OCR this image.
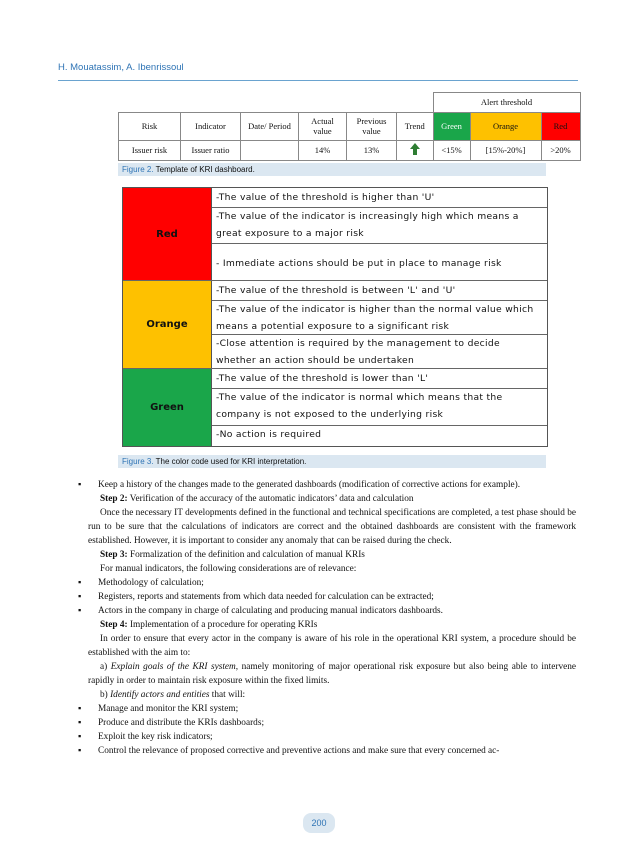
H. Mouatassim, A. Ibenrissoul
						Alert threshold		
Risk	Indicator	Date/ Period	Actual value	Previous value	Trend	Green	Orange	Red
Issuer risk	Issuer ratio		14%	13%		<15%	[15%-20%]	>20%
Figure 2. Template of KRI dashboard.
Red
-The value of the threshold is higher than 'U'
-The value of the indicator is increasingly high which means a great exposure to a major risk
- Immediate actions should be put in place to manage risk
Orange
-The value of the threshold is between 'L' and 'U'
-The value of the indicator is higher than the normal value which means a potential exposure to a significant risk
-Close attention is required by the management to decide whether an action should be undertaken
Green
-The value of the threshold is lower than 'L'
-The value of the indicator is normal which means that the company is not exposed to the underlying risk
-No action is required
Figure 3. The color code used for KRI interpretation.
▪ Keep a history of the changes made to the generated dashboards (modification of corrective actions for example).
Step 2: Verification of the accuracy of the automatic indicators’ data and calculation
Once the necessary IT developments defined in the functional and technical specifications are completed, a test phase should be run to be sure that the calculations of indicators are correct and the obtained dashboards are consistent with the framework established. However, it is important to consider any anomaly that can be raised during the check.
Step 3: Formalization of the definition and calculation of manual KRIs
For manual indicators, the following considerations are of relevance:
▪ Methodology of calculation;
▪ Registers, reports and statements from which data needed for calculation can be extracted;
▪ Actors in the company in charge of calculating and producing manual indicators dashboards.
Step 4: Implementation of a procedure for operating KRIs
In order to ensure that every actor in the company is aware of his role in the operational KRI system, a procedure should be established with the aim to:
a) Explain goals of the KRI system, namely monitoring of major operational risk exposure but also being able to intervene rapidly in order to maintain risk exposure within the fixed limits.
b) Identify actors and entities that will:
▪ Manage and monitor the KRI system;
▪ Produce and distribute the KRIs dashboards;
▪ Exploit the key risk indicators;
▪ Control the relevance of proposed corrective and preventive actions and make sure that every concerned ac-
200
